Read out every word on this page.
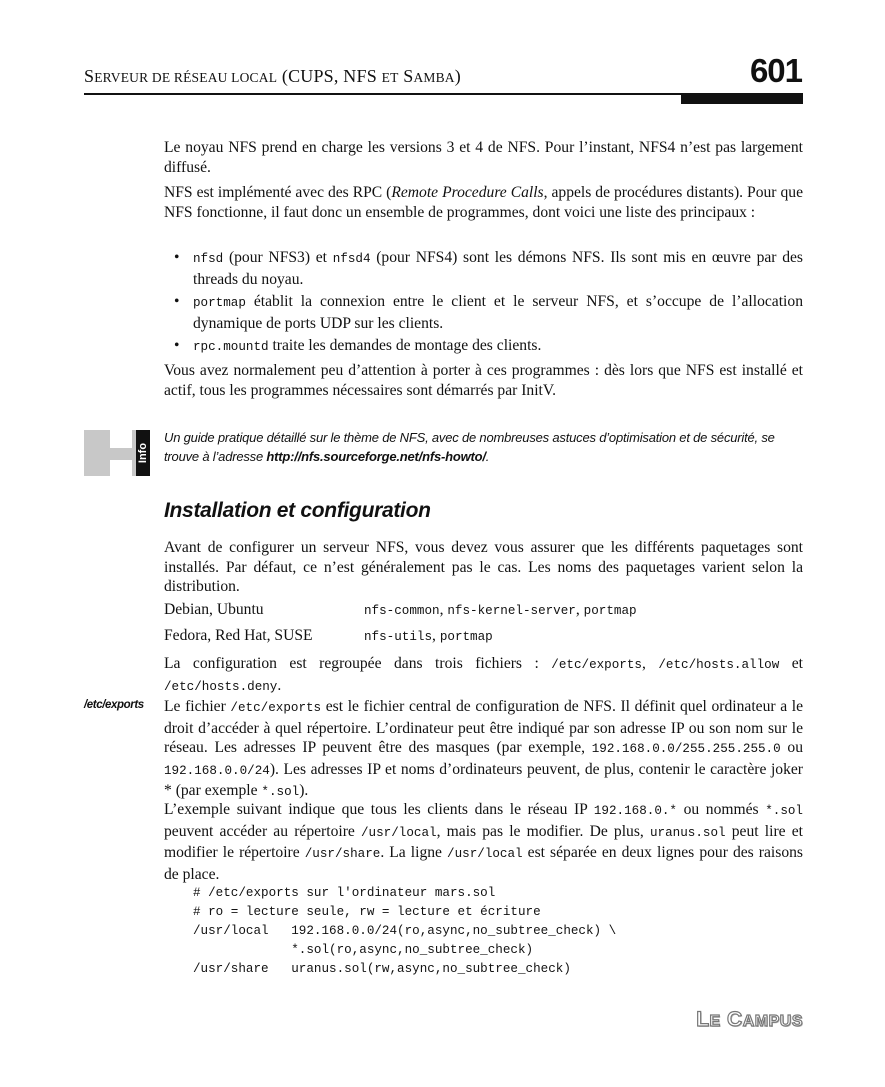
SERVEUR DE RÉSEAU LOCAL (CUPS, NFS ET SAMBA)	601

Le noyau NFS prend en charge les versions 3 et 4 de NFS. Pour l’instant, NFS4 n’est pas largement diffusé.

NFS est implémenté avec des RPC (Remote Procedure Calls, appels de procédures distants). Pour que NFS fonctionne, il faut donc un ensemble de programmes, dont voici une liste des principaux :

• nfsd (pour NFS3) et nfsd4 (pour NFS4) sont les démons NFS. Ils sont mis en œuvre par des threads du noyau.

• portmap établit la connexion entre le client et le serveur NFS, et s’occupe de l’allocation dynamique de ports UDP sur les clients.

• rpc.mountd traite les demandes de montage des clients.

Vous avez normalement peu d’attention à porter à ces programmes : dès lors que NFS est installé et actif, tous les programmes nécessaires sont démarrés par InitV.

Info
Un guide pratique détaillé sur le thème de NFS, avec de nombreuses astuces d’optimisation et de sécurité, se trouve à l’adresse http://nfs.sourceforge.net/nfs-howto/.
Installation et configuration

Avant de configurer un serveur NFS, vous devez vous assurer que les différents paquetages sont installés. Par défaut, ce n’est généralement pas le cas. Les noms des paquetages varient selon la distribution.

Debian, Ubuntu	nfs-common, nfs-kernel-server, portmap
Fedora, Red Hat, SUSE	nfs-utils, portmap

La configuration est regroupée dans trois fichiers : /etc/exports, /etc/hosts.allow et /etc/hosts.deny.

/etc/exports Le fichier /etc/exports est le fichier central de configuration de NFS. Il définit quel ordinateur a le droit d’accéder à quel répertoire. L’ordinateur peut être indiqué par son adresse IP ou son nom sur le réseau. Les adresses IP peuvent être des masques (par exemple, 192.168.0.0/255.255.255.0 ou 192.168.0.0/24). Les adresses IP et noms d’ordinateurs peuvent, de plus, contenir le caractère joker * (par exemple *.sol).

L’exemple suivant indique que tous les clients dans le réseau IP 192.168.0.* ou nommés *.sol peuvent accéder au répertoire /usr/local, mais pas le modifier. De plus, uranus.sol peut lire et modifier le répertoire /usr/share. La ligne /usr/local est séparée en deux lignes pour des raisons de place.

# /etc/exports sur l'ordinateur mars.sol
# ro = lecture seule, rw = lecture et écriture
/usr/local   192.168.0.0/24(ro,async,no_subtree_check) \
*.sol(ro,async,no_subtree_check)
/usr/share   uranus.sol(rw,async,no_subtree_check)
LE CAMPUS
